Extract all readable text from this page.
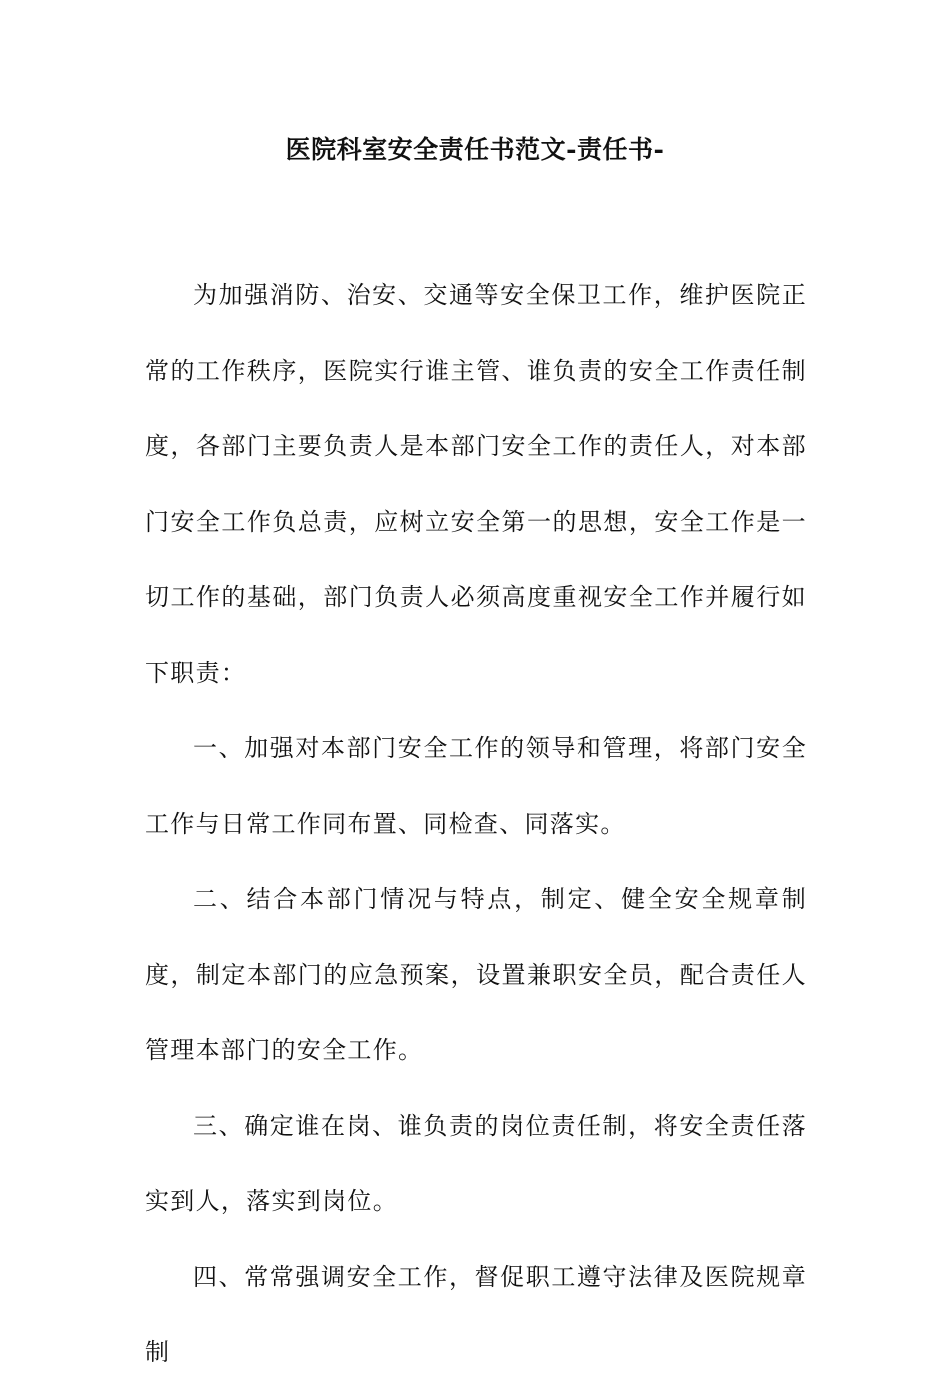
医院科室安全责任书范文-责任书-

为加强消防、治安、交通等安全保卫工作，维护医院正常的工作秩序，医院实行谁主管、谁负责的安全工作责任制度，各部门主要负责人是本部门安全工作的责任人，对本部门安全工作负总责，应树立安全第一的思想，安全工作是一切工作的基础，部门负责人必须高度重视安全工作并履行如下职责：

一、加强对本部门安全工作的领导和管理，将部门安全工作与日常工作同布置、同检查、同落实。

二、结合本部门情况与特点，制定、健全安全规章制度，制定本部门的应急预案，设置兼职安全员，配合责任人管理本部门的安全工作。

三、确定谁在岗、谁负责的岗位责任制，将安全责任落实到人，落实到岗位。

四、常常强调安全工作，督促职工遵守法律及医院规章制
